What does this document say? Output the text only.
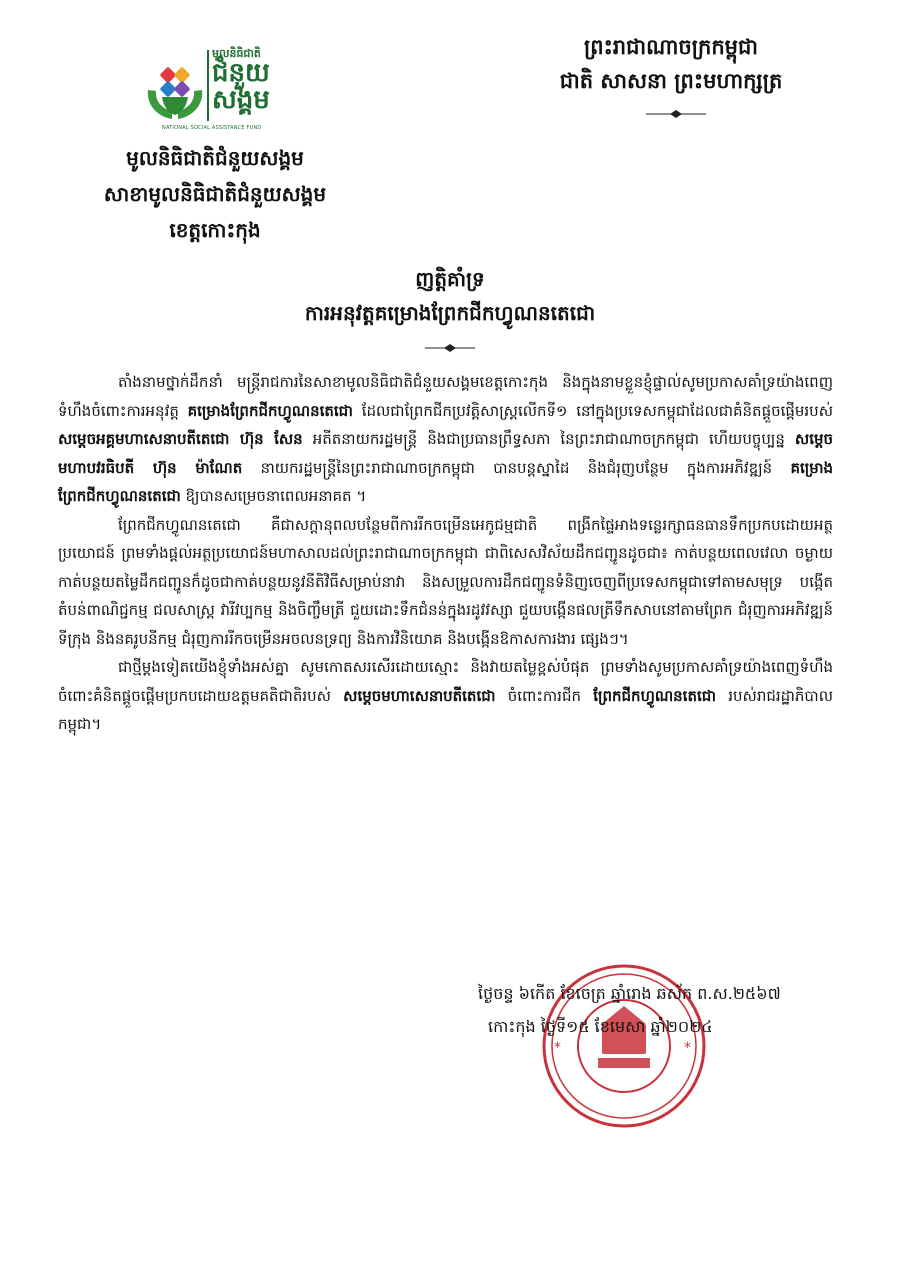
មូលនិធិជាតិ
ជំនួយ
សង្គម
NATIONAL SOCIAL ASSISTANCE FUND
ព្រះរាជាណាចក្រកម្ពុជា
ជាតិ សាសនា ព្រះមហាក្សត្រ
មូលនិធិជាតិជំនួយសង្គម
សាខាមូលនិធិជាតិជំនួយសង្គម
ខេត្តកោះកុង
ញត្តិគាំទ្រ
ការអនុវត្តគម្រោងព្រែកជីកហ្វូណនតេជោ

តាំងនាមថ្នាក់ដឹកនាំ មន្ត្រីរាជការនៃសាខាមូលនិធិជាតិជំនួយសង្គមខេត្តកោះកុង និងក្នុងនាមខ្លួនខ្ញុំផ្ទាល់សូមប្រកាសគាំទ្រយ៉ាងពេញទំហឹងចំពោះការអនុវត្ត គម្រោងព្រែកជីកហ្វូណនតេជោ ដែលជាព្រែកជីកប្រវត្តិសាស្ត្រលើកទី១ នៅក្នុងប្រទេសកម្ពុជាដែលជាគំនិតផ្តួចផ្តើមរបស់ សម្តេចអគ្គមហាសេនាបតីតេជោ ហ៊ុន សែន អតីតនាយករដ្ឋមន្ត្រី និងជាប្រធានព្រឹទ្ធសភា នៃព្រះរាជាណាចក្រកម្ពុជា ហើយបច្ចុប្បន្ន សម្តេចមហាបវរធិបតី ហ៊ុន ម៉ាណែត នាយករដ្ឋមន្ត្រីនៃព្រះរាជាណាចក្រកម្ពុជា បានបន្តស្នាដៃ និងជំរុញបន្ថែម ក្នុងការអភិវឌ្ឍន៍ គម្រោងព្រែកជីកហ្វូណនតេជោ ឱ្យបានសម្រេចនាពេលអនាគត ។

ព្រែកជីកហ្វូណនតេជោ គឺជាសក្តានុពលបន្ថែមពីការរីកចម្រើនអេកូជម្មជាតិ ពង្រីកផ្ទៃអាងទន្លេរក្សាធនធានទឹកប្រកបដោយអត្ថប្រយោជន៍ ព្រមទាំងផ្តល់អត្ថប្រយោជន៍មហាសាលដល់ព្រះរាជាណាចក្រកម្ពុជា ជាពិសេសវិស័យដឹកជញ្ជូនដូចជា៖ កាត់បន្ថយពេលវេលា ចម្ងាយ កាត់បន្ថយតម្លៃដឹកជញ្ជូនក៏ដូចជាកាត់បន្ថយនូវនីតិវិធីសម្រាប់នាវា និងសម្រួលការដឹកជញ្ជូនទំនិញចេញពីប្រទេសកម្ពុជាទៅតាមសមុទ្រ បង្កើតតំបន់ពាណិជ្ជកម្ម ជលសាស្ត្រ វារីវប្បកម្ម និងចិញ្ចឹមត្រី ជួយដោះទឹកជំនន់ក្នុងរដូវវស្សា ជួយបង្កើនផលត្រីទឹកសាបនៅតាមព្រែក ជំរុញការអភិវឌ្ឍន៍ទីក្រុង និងនគរូបនីកម្ម ជំរុញការរីកចម្រើនអចលនទ្រព្យ និងការវិនិយោគ និងបង្កើនឱកាសការងារ ផ្សេងៗ។

ជាថ្មីម្តងទៀតយើងខ្ញុំទាំងអស់គ្នា សូមកោតសរសើរដោយស្មោះ និងវាយតម្លៃខ្ពស់បំផុត ព្រមទាំងសូមប្រកាសគាំទ្រយ៉ាងពេញទំហឹងចំពោះគំនិតផ្តួចផ្តើមប្រកបដោយឧត្តមគតិជាតិរបស់ សម្តេចមហាសេនាបតីតេជោ ចំពោះការជីក ព្រែកជីកហ្វូណនតេជោ របស់រាជរដ្ឋាភិបាលកម្ពុជា។

*	*
ថ្ងៃចន្ទ ៦កើត ខែចេត្រ ឆ្នាំរោង ឆស័ក ព.ស.២៥៦៧
កោះកុង ថ្ងៃទី១៥ ខែមេសា ឆ្នាំ២០២៤
